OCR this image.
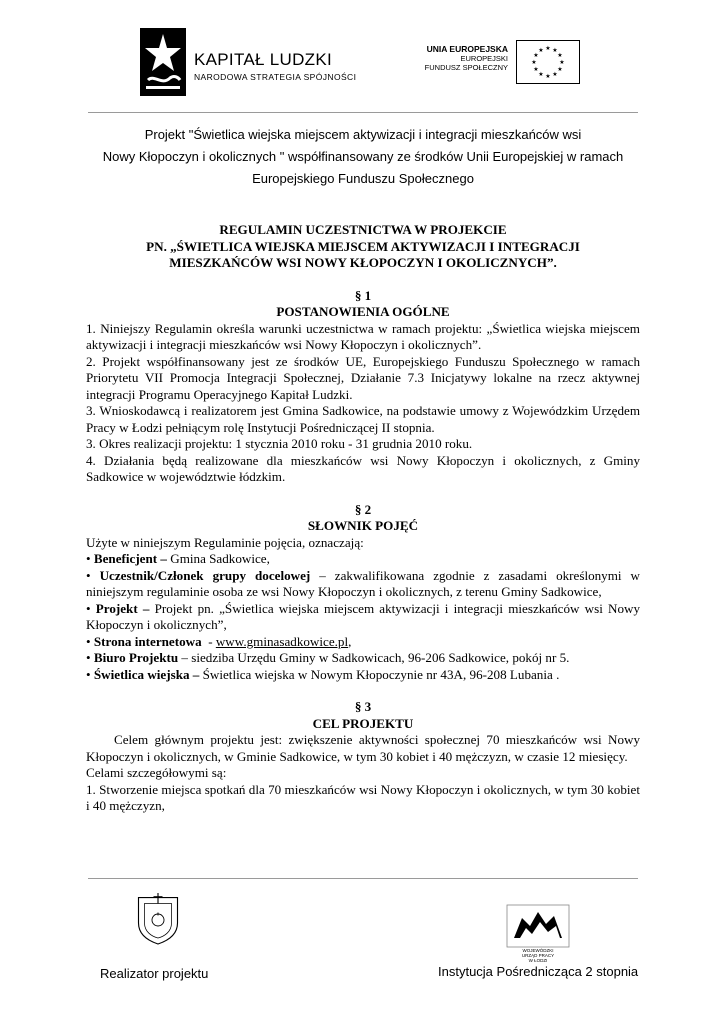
KAPITAŁ LUDZKI
NARODOWA STRATEGIA SPÓJNOŚCI
UNIA EUROPEJSKA
EUROPEJSKI
FUNDUSZ SPOŁECZNY
★ ★
★
★
★
★
★
★
★
★
★
★
Projekt "Świetlica wiejska miejscem aktywizacji i integracji mieszkańców wsi
Nowy Kłopoczyn i okolicznych " współfinansowany ze środków Unii Europejskiej w ramach
Europejskiego Funduszu Społecznego
REGULAMIN UCZESTNICTWA W PROJEKCIE
PN. „ŚWIETLICA WIEJSKA MIEJSCEM AKTYWIZACJI I INTEGRACJI
MIESZKAŃCÓW WSI NOWY KŁOPOCZYN I OKOLICZNYCH”.
§ 1
POSTANOWIENIA OGÓLNE
1. Niniejszy Regulamin określa warunki uczestnictwa w ramach projektu: „Świetlica wiejska miejscem aktywizacji i integracji mieszkańców wsi Nowy Kłopoczyn i okolicznych”.
2. Projekt współfinansowany jest ze środków UE, Europejskiego Funduszu Społecznego w ramach Priorytetu VII Promocja Integracji Społecznej, Działanie 7.3 Inicjatywy lokalne na rzecz aktywnej integracji Programu Operacyjnego Kapitał Ludzki.
3. Wnioskodawcą i realizatorem jest Gmina Sadkowice, na podstawie umowy z Wojewódzkim Urzędem Pracy w Łodzi pełniącym rolę Instytucji Pośredniczącej II stopnia.
3. Okres realizacji projektu: 1 stycznia 2010 roku - 31 grudnia 2010 roku.
4. Działania będą realizowane dla mieszkańców wsi Nowy Kłopoczyn i okolicznych, z Gminy Sadkowice w województwie łódzkim.
§ 2
SŁOWNIK POJĘĆ
Użyte w niniejszym Regulaminie pojęcia, oznaczają:
• Beneficjent – Gmina Sadkowice,
• Uczestnik/Członek grupy docelowej – zakwalifikowana zgodnie z zasadami określonymi w niniejszym regulaminie osoba ze wsi Nowy Kłopoczyn i okolicznych, z terenu Gminy Sadkowice,
• Projekt – Projekt pn. „Świetlica wiejska miejscem aktywizacji i integracji mieszkańców wsi Nowy Kłopoczyn i okolicznych”,
• Strona internetowa  - www.gminasadkowice.pl,
• Biuro Projektu – siedziba Urzędu Gminy w Sadkowicach, 96-206 Sadkowice, pokój nr 5.
• Świetlica wiejska – Świetlica wiejska w Nowym Kłopoczynie nr 43A, 96-208 Lubania .
§ 3
CEL PROJEKTU
Celem głównym projektu jest: zwiększenie aktywności społecznej 70 mieszkańców wsi Nowy Kłopoczyn i okolicznych, w Gminie Sadkowice, w tym 30 kobiet i 40 mężczyzn, w czasie 12 miesięcy.
Celami szczegółowymi są:
1. Stworzenie miejsca spotkań dla 70 mieszkańców wsi Nowy Kłopoczyn i okolicznych, w tym 30 kobiet i 40 mężczyzn,
Realizator projektu
WOJEWÓDZKI
URZĄD PRACY
W ŁODZI
Instytucja Pośrednicząca 2 stopnia
